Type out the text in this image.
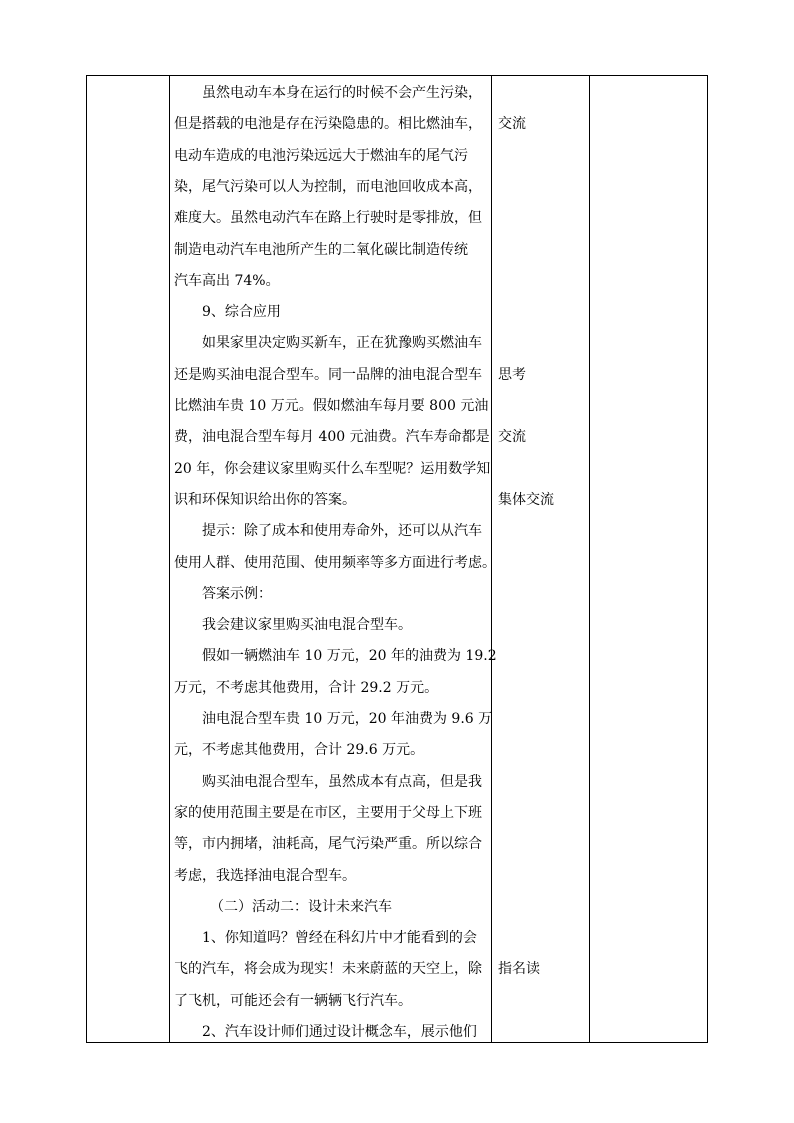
虽然电动车本身在运行的时候不会产生污染，
但是搭载的电池是存在污染隐患的。相比燃油车，
电动车造成的电池污染远远大于燃油车的尾气污
染，尾气污染可以人为控制，而电池回收成本高，
难度大。虽然电动汽车在路上行驶时是零排放，但
制造电动汽车电池所产生的二氧化碳比制造传统
汽车高出 74%。
9、综合应用
如果家里决定购买新车，正在犹豫购买燃油车
还是购买油电混合型车。同一品牌的油电混合型车
比燃油车贵 10 万元。假如燃油车每月要 800 元油
费，油电混合型车每月 400 元油费。汽车寿命都是
20 年，你会建议家里购买什么车型呢？运用数学知
识和环保知识给出你的答案。
提示：除了成本和使用寿命外，还可以从汽车
使用人群、使用范围、使用频率等多方面进行考虑。
答案示例：
我会建议家里购买油电混合型车。
假如一辆燃油车 10 万元，20 年的油费为 19.2
万元，不考虑其他费用，合计 29.2 万元。
油电混合型车贵 10 万元，20 年油费为 9.6 万
元，不考虑其他费用，合计 29.6 万元。
购买油电混合型车，虽然成本有点高，但是我
家的使用范围主要是在市区，主要用于父母上下班
等，市内拥堵，油耗高，尾气污染严重。所以综合
考虑，我选择油电混合型车。
（二）活动二：设计未来汽车
1、你知道吗？曾经在科幻片中才能看到的会
飞的汽车，将会成为现实！未来蔚蓝的天空上，除
了飞机，可能还会有一辆辆飞行汽车。
2、汽车设计师们通过设计概念车，展示他们
交流
思考
交流
集体交流
指名读
